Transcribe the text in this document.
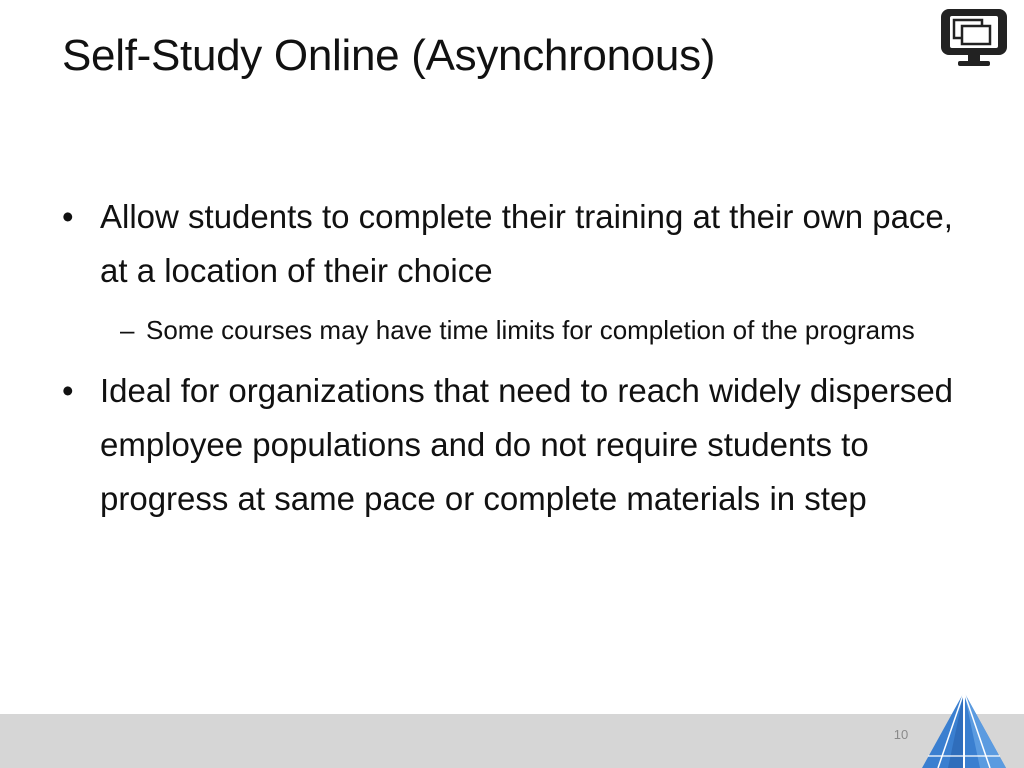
Self-Study Online (Asynchronous)
• Allow students to complete their training at their own pace, at a location of their choice
– Some courses may have time limits for completion of the programs
• Ideal for organizations that need to reach widely dispersed employee populations and do not require students to progress at same pace or complete materials in step
10
